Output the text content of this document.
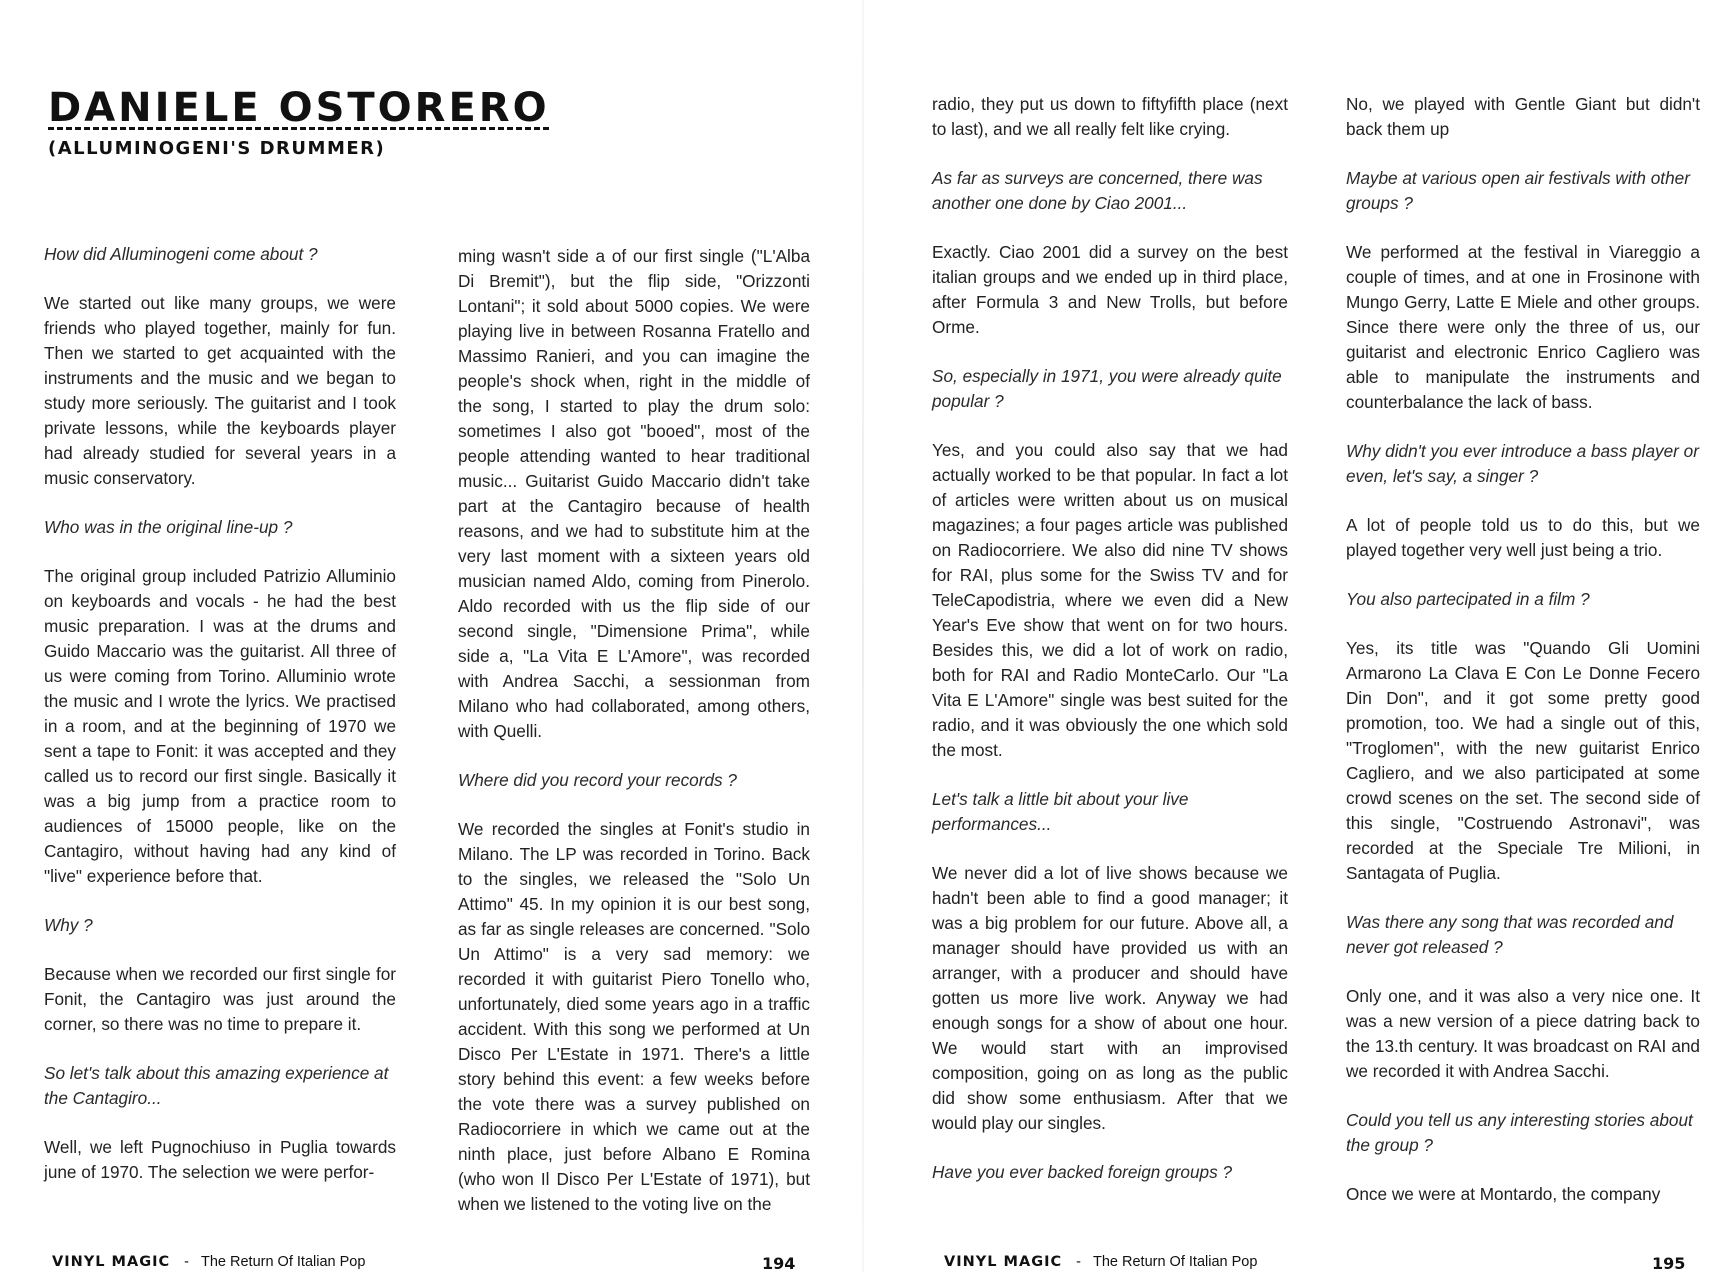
DANIELE OSTORERO
(ALLUMINOGENI'S DRUMMER)

How did Alluminogeni come about ?

We started out like many groups, we were friends who played together, mainly for fun. Then we started to get acquainted with the instruments and the music and we began to study more seriously. The guitarist and I took private lessons, while the keyboards player had already studied for several years in a music conservatory.

Who was in the original line-up ?

The original group included Patrizio Alluminio on keyboards and vocals - he had the best music preparation. I was at the drums and Guido Maccario was the guitarist. All three of us were coming from Torino. Alluminio wrote the music and I wrote the lyrics. We practised in a room, and at the beginning of 1970 we sent a tape to Fonit: it was accepted and they called us to record our first single. Basically it was a big jump from a practice room to audiences of 15000 people, like on the Cantagiro, without having had any kind of "live" experience before that.

Why ?

Because when we recorded our first single for Fonit, the Cantagiro was just around the corner, so there was no time to prepare it.

So let's talk about this amazing experience at the Cantagiro...

Well, we left Pugnochiuso in Puglia towards june of 1970. The selection we were perfor-

ming wasn't side a of our first single ("L'Alba Di Bremit"), but the flip side, "Orizzonti Lontani"; it sold about 5000 copies. We were playing live in between Rosanna Fratello and Massimo Ranieri, and you can imagine the people's shock when, right in the middle of the song, I started to play the drum solo: sometimes I also got "booed", most of the people attending wanted to hear traditional music... Guitarist Guido Maccario didn't take part at the Cantagiro because of health reasons, and we had to substitute him at the very last moment with a sixteen years old musician named Aldo, coming from Pinerolo. Aldo recorded with us the flip side of our second single, "Dimensione Prima", while side a, "La Vita E L'Amore", was recorded with Andrea Sacchi, a sessionman from Milano who had collaborated, among others, with Quelli.

Where did you record your records ?

We recorded the singles at Fonit's studio in Milano. The LP was recorded in Torino. Back to the singles, we released the "Solo Un Attimo" 45. In my opinion it is our best song, as far as single releases are concerned. "Solo Un Attimo" is a very sad memory: we recorded it with guitarist Piero Tonello who, unfortunately, died some years ago in a traffic accident. With this song we performed at Un Disco Per L'Estate in 1971. There's a little story behind this event: a few weeks before the vote there was a survey published on Radiocorriere in which we came out at the ninth place, just before Albano E Romina (who won Il Disco Per L'Estate of 1971), but when we listened to the voting live on the

radio, they put us down to fiftyfifth place (next to last), and we all really felt like crying.

As far as surveys are concerned, there was another one done by Ciao 2001...

Exactly. Ciao 2001 did a survey on the best italian groups and we ended up in third place, after Formula 3 and New Trolls, but before Orme.

So, especially in 1971, you were already quite popular ?

Yes, and you could also say that we had actually worked to be that popular. In fact a lot of articles were written about us on musical magazines; a four pages article was published on Radiocorriere. We also did nine TV shows for RAI, plus some for the Swiss TV and for TeleCapodistria, where we even did a New Year's Eve show that went on for two hours. Besides this, we did a lot of work on radio, both for RAI and Radio MonteCarlo. Our "La Vita E L'Amore" single was best suited for the radio, and it was obviously the one which sold the most.

Let's talk a little bit about your live performances...

We never did a lot of live shows because we hadn't been able to find a good manager; it was a big problem for our future. Above all, a manager should have provided us with an arranger, with a producer and should have gotten us more live work. Anyway we had enough songs for a show of about one hour. We would start with an improvised composition, going on as long as the public did show some enthusiasm. After that we would play our singles.

Have you ever backed foreign groups ?

No, we played with Gentle Giant but didn't back them up

Maybe at various open air festivals with other groups ?

We performed at the festival in Viareggio a couple of times, and at one in Frosinone with Mungo Gerry, Latte E Miele and other groups. Since there were only the three of us, our guitarist and electronic Enrico Cagliero was able to manipulate the instruments and counterbalance the lack of bass.

Why didn't you ever introduce a bass player or even, let's say, a singer ?

A lot of people told us to do this, but we played together very well just being a trio.

You also partecipated in a film ?

Yes, its title was "Quando Gli Uomini Armarono La Clava E Con Le Donne Fecero Din Don", and it got some pretty good promotion, too. We had a single out of this, "Troglomen", with the new guitarist Enrico Cagliero, and we also participated at some crowd scenes on the set. The second side of this single, "Costruendo Astronavi", was recorded at the Speciale Tre Milioni, in Santagata of Puglia.

Was there any song that was recorded and never got released ?

Only one, and it was also a very nice one. It was a new version of a piece datring back to the 13.th century. It was broadcast on RAI and we recorded it with Andrea Sacchi.

Could you tell us any interesting stories about the group ?

Once we were at Montardo, the company

VINYL MAGIC - The Return Of Italian Pop	194	VINYL MAGIC - The Return Of Italian Pop	195
